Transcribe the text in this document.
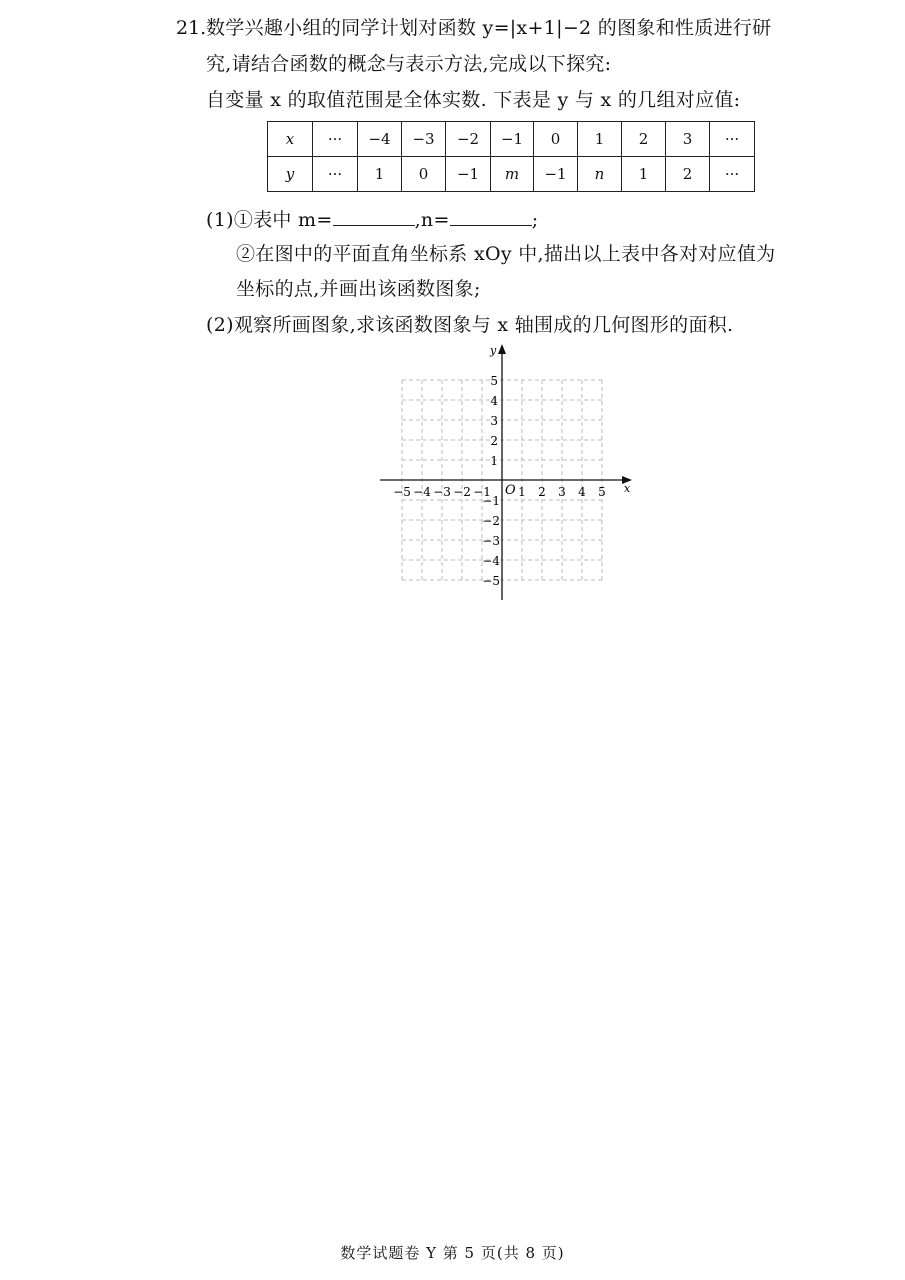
21. 数学兴趣小组的同学计划对函数 y=|x+1|−2 的图象和性质进行研
究,请结合函数的概念与表示方法,完成以下探究:
自变量 x 的取值范围是全体实数. 下表是 y 与 x 的几组对应值:
x	···	−4	−3	−2	−1	0	1	2	3	···
y	···	1	0	−1	m	−1	n	1	2	···
(1)①表中 m=	,n=	;
②在图中的平面直角坐标系 xOy 中,描出以上表中各对对应值为
坐标的点,并画出该函数图象;
(2)观察所画图象,求该函数图象与 x 轴围成的几何图形的面积.
x
y
O
−5 −4 −3 −2 −1 1 2 3 4 5
5
4
3
2
1
−1
−2
−3
−4
−5
数学试题卷 Y 第 5 页(共 8 页)
